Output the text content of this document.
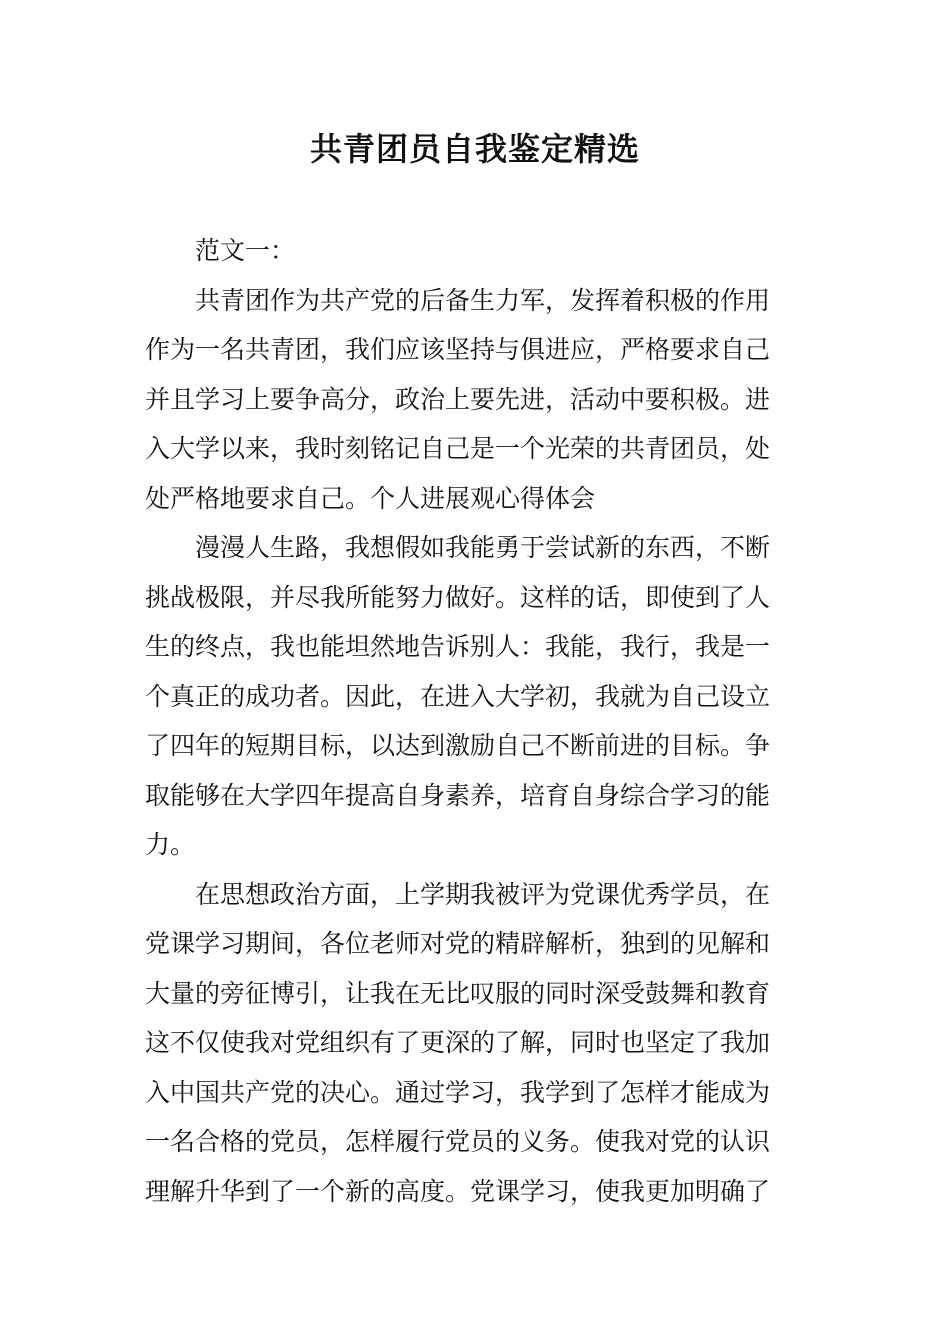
共青团员自我鉴定精选

范文一：

共青团作为共产党的后备生力军，发挥着积极的作用
作为一名共青团，我们应该坚持与俱进应，严格要求自己
并且学习上要争高分，政治上要先进，活动中要积极。进
入大学以来，我时刻铭记自己是一个光荣的共青团员，处
处严格地要求自己。个人进展观心得体会

漫漫人生路，我想假如我能勇于尝试新的东西，不断
挑战极限，并尽我所能努力做好。这样的话，即使到了人
生的终点，我也能坦然地告诉别人：我能，我行，我是一
个真正的成功者。因此，在进入大学初，我就为自己设立
了四年的短期目标，以达到激励自己不断前进的目标。争
取能够在大学四年提高自身素养，培育自身综合学习的能
力。

在思想政治方面，上学期我被评为党课优秀学员，在
党课学习期间，各位老师对党的精辟解析，独到的见解和
大量的旁征博引，让我在无比叹服的同时深受鼓舞和教育
这不仅使我对党组织有了更深的了解，同时也坚定了我加
入中国共产党的决心。通过学习，我学到了怎样才能成为
一名合格的党员，怎样履行党员的义务。使我对党的认识
理解升华到了一个新的高度。党课学习，使我更加明确了
